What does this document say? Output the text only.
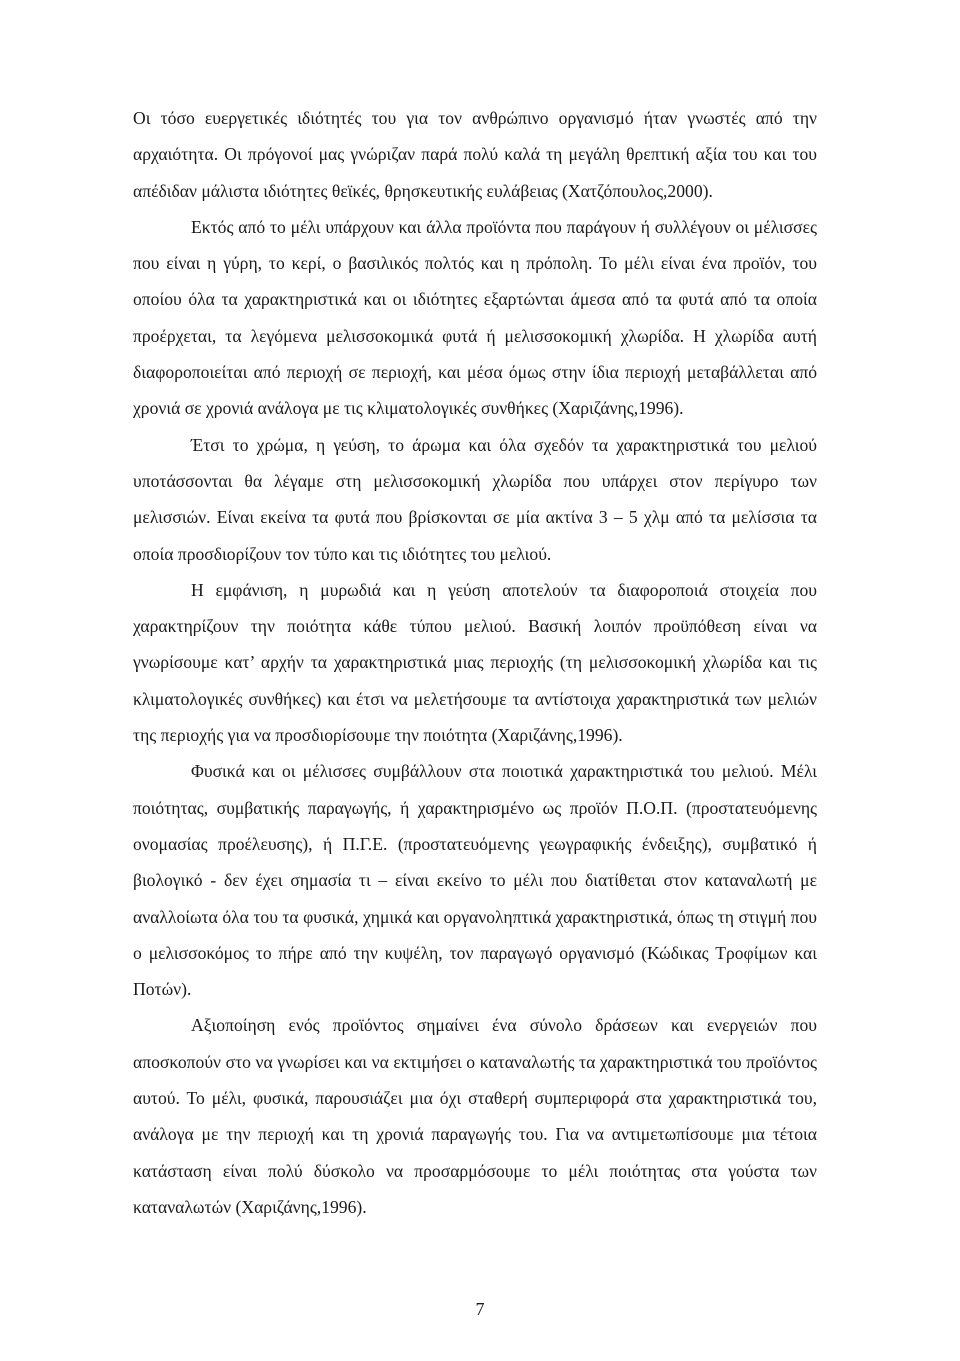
Οι τόσο ευεργετικές ιδιότητές του για τον ανθρώπινο οργανισμό ήταν γνωστές από την αρχαιότητα. Οι πρόγονοί μας γνώριζαν παρά πολύ καλά τη μεγάλη θρεπτική αξία του και του απέδιδαν μάλιστα ιδιότητες θεϊκές, θρησκευτικής ευλάβειας (Χατζόπουλος,2000).

Εκτός από το μέλι υπάρχουν και άλλα προϊόντα που παράγουν ή συλλέγουν οι μέλισσες που είναι η γύρη, το κερί, ο βασιλικός πολτός και η πρόπολη. Το μέλι είναι ένα προϊόν, του οποίου όλα τα χαρακτηριστικά και οι ιδιότητες εξαρτώνται άμεσα από τα φυτά από τα οποία προέρχεται, τα λεγόμενα μελισσοκομικά φυτά ή μελισσοκομική χλωρίδα. Η χλωρίδα αυτή διαφοροποιείται από περιοχή σε περιοχή, και μέσα όμως στην ίδια περιοχή μεταβάλλεται από χρονιά σε χρονιά ανάλογα με τις κλιματολογικές συνθήκες (Χαριζάνης,1996).

Έτσι το χρώμα, η γεύση, το άρωμα και όλα σχεδόν τα χαρακτηριστικά του μελιού υποτάσσονται θα λέγαμε στη μελισσοκομική χλωρίδα που υπάρχει στον περίγυρο των μελισσιών. Είναι εκείνα τα φυτά που βρίσκονται σε μία ακτίνα 3 – 5 χλμ από τα μελίσσια τα οποία προσδιορίζουν τον τύπο και τις ιδιότητες του μελιού.

Η εμφάνιση, η μυρωδιά και η γεύση αποτελούν τα διαφοροποιά στοιχεία που χαρακτηρίζουν την ποιότητα κάθε τύπου μελιού. Βασική λοιπόν προϋπόθεση είναι να γνωρίσουμε κατ’ αρχήν τα χαρακτηριστικά μιας περιοχής (τη μελισσοκομική χλωρίδα και τις κλιματολογικές συνθήκες) και έτσι να μελετήσουμε τα αντίστοιχα χαρακτηριστικά των μελιών της περιοχής για να προσδιορίσουμε την ποιότητα (Χαριζάνης,1996).

Φυσικά και οι μέλισσες συμβάλλουν στα ποιοτικά χαρακτηριστικά του μελιού. Μέλι ποιότητας, συμβατικής παραγωγής, ή χαρακτηρισμένο ως προϊόν Π.Ο.Π. (προστατευόμενης ονομασίας προέλευσης), ή Π.Γ.Ε. (προστατευόμενης γεωγραφικής ένδειξης), συμβατικό ή βιολογικό - δεν έχει σημασία τι – είναι εκείνο το μέλι που διατίθεται στον καταναλωτή με αναλλοίωτα όλα του τα φυσικά, χημικά και οργανοληπτικά χαρακτηριστικά, όπως τη στιγμή που ο μελισσοκόμος το πήρε από την κυψέλη, τον παραγωγό οργανισμό (Κώδικας Τροφίμων και Ποτών).

Αξιοποίηση ενός προϊόντος σημαίνει ένα σύνολο δράσεων και ενεργειών που αποσκοπούν στο να γνωρίσει και να εκτιμήσει ο καταναλωτής τα χαρακτηριστικά του προϊόντος αυτού. Το μέλι, φυσικά, παρουσιάζει μια όχι σταθερή συμπεριφορά στα χαρακτηριστικά του, ανάλογα με την περιοχή και τη χρονιά παραγωγής του. Για να αντιμετωπίσουμε μια τέτοια κατάσταση είναι πολύ δύσκολο να προσαρμόσουμε το μέλι ποιότητας στα γούστα των καταναλωτών (Χαριζάνης,1996).

7
